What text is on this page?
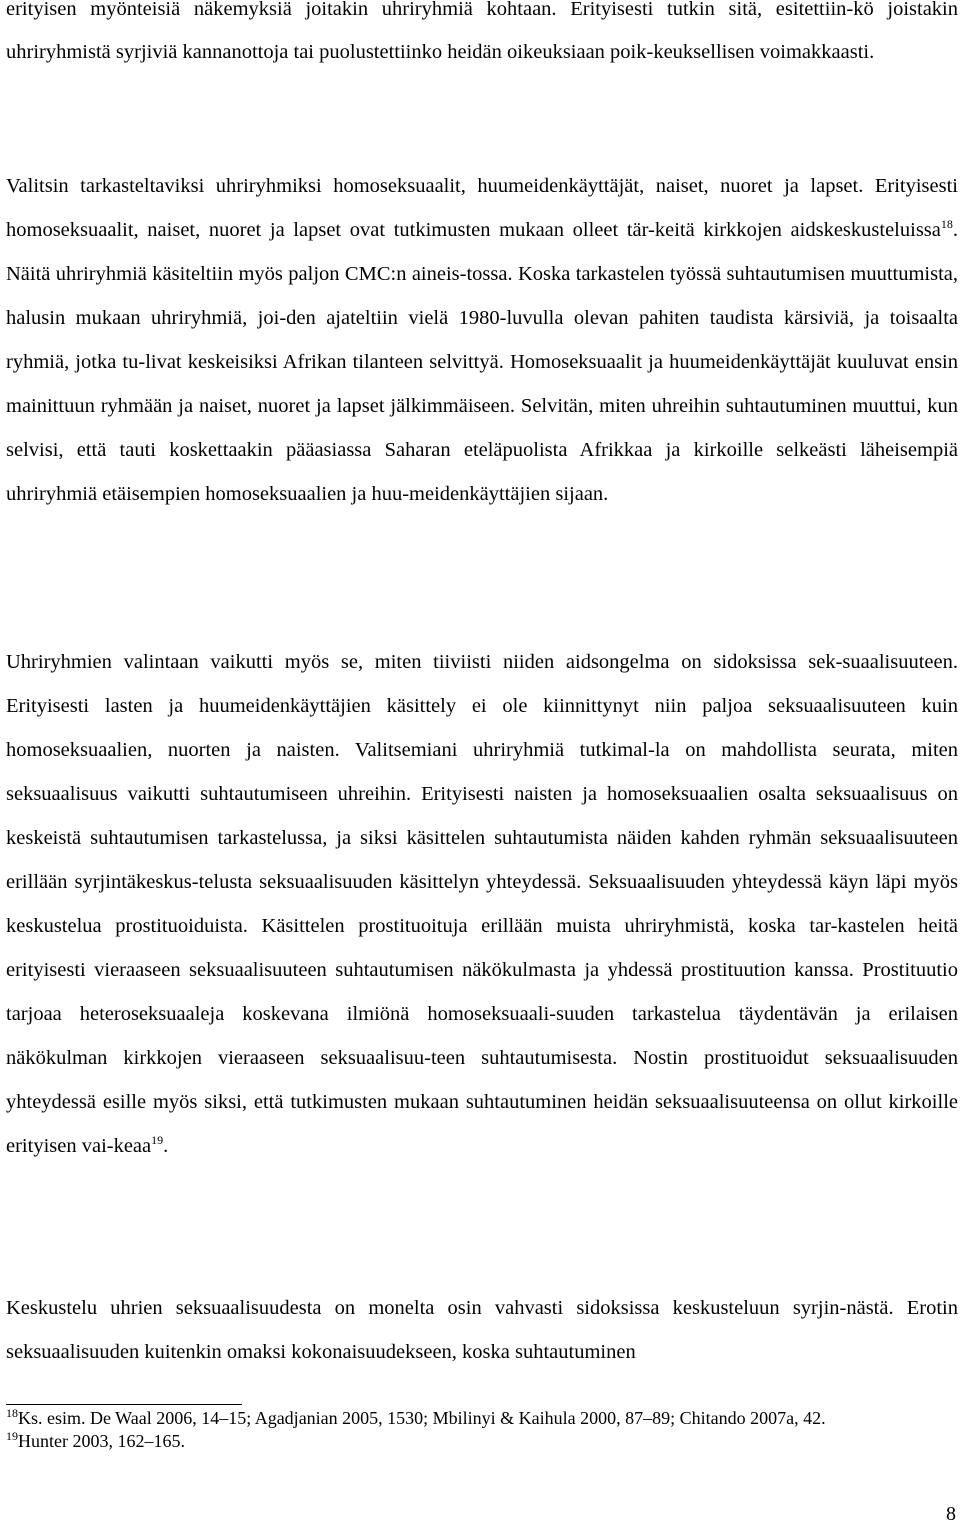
erityisen myönteisiä näkemyksiä joitakin uhriryhmiä kohtaan. Erityisesti tutkin sitä, esitettiin-kö joistakin uhriryhmistä syrjiviä kannanottoja tai puolustettiinko heidän oikeuksiaan poik-keuksellisen voimakkaasti.

Valitsin tarkasteltaviksi uhriryhmiksi homoseksuaalit, huumeidenkäyttäjät, naiset, nuoret ja lapset. Erityisesti homoseksuaalit, naiset, nuoret ja lapset ovat tutkimusten mukaan olleet tär-keitä kirkkojen aidskeskusteluissa$^{18}$. Näitä uhriryhmiä käsiteltiin myös paljon CMC:n aineis-tossa. Koska tarkastelen työssä suhtautumisen muuttumista, halusin mukaan uhriryhmiä, joi-den ajateltiin vielä 1980-luvulla olevan pahiten taudista kärsiviä, ja toisaalta ryhmiä, jotka tu-livat keskeisiksi Afrikan tilanteen selvittyä. Homoseksuaalit ja huumeidenkäyttäjät kuuluvat ensin mainittuun ryhmään ja naiset, nuoret ja lapset jälkimmäiseen. Selvitän, miten uhreihin suhtautuminen muuttui, kun selvisi, että tauti koskettaakin pääasiassa Saharan eteläpuolista Afrikkaa ja kirkoille selkeästi läheisempiä uhriryhmiä etäisempien homoseksuaalien ja huu-meidenkäyttäjien sijaan.

Uhriryhmien valintaan vaikutti myös se, miten tiiviisti niiden aidsongelma on sidoksissa sek-suaalisuuteen. Erityisesti lasten ja huumeidenkäyttäjien käsittely ei ole kiinnittynyt niin paljoa seksuaalisuuteen kuin homoseksuaalien, nuorten ja naisten. Valitsemiani uhriryhmiä tutkimal-la on mahdollista seurata, miten seksuaalisuus vaikutti suhtautumiseen uhreihin. Erityisesti naisten ja homoseksuaalien osalta seksuaalisuus on keskeistä suhtautumisen tarkastelussa, ja siksi käsittelen suhtautumista näiden kahden ryhmän seksuaalisuuteen erillään syrjintäkeskus-telusta seksuaalisuuden käsittelyn yhteydessä. Seksuaalisuuden yhteydessä käyn läpi myös keskustelua prostituoiduista. Käsittelen prostituoituja erillään muista uhriryhmistä, koska tar-kastelen heitä erityisesti vieraaseen seksuaalisuuteen suhtautumisen näkökulmasta ja yhdessä prostituution kanssa. Prostituutio tarjoaa heteroseksuaaleja koskevana ilmiönä homoseksuaali-suuden tarkastelua täydentävän ja erilaisen näkökulman kirkkojen vieraaseen seksuaalisuu-teen suhtautumisesta. Nostin prostituoidut seksuaalisuuden yhteydessä esille myös siksi, että tutkimusten mukaan suhtautuminen heidän seksuaalisuuteensa on ollut kirkoille erityisen vai-keaa$^{19}$.

Keskustelu uhrien seksuaalisuudesta on monelta osin vahvasti sidoksissa keskusteluun syrjin-nästä. Erotin seksuaalisuuden kuitenkin omaksi kokonaisuudekseen, koska suhtautuminen

$^{18}$Ks. esim. De Waal 2006, 14–15; Agadjanian 2005, 1530; Mbilinyi & Kaihula 2000, 87–89; Chitando 2007a, 42.

$^{19}$Hunter 2003, 162–165.

8
